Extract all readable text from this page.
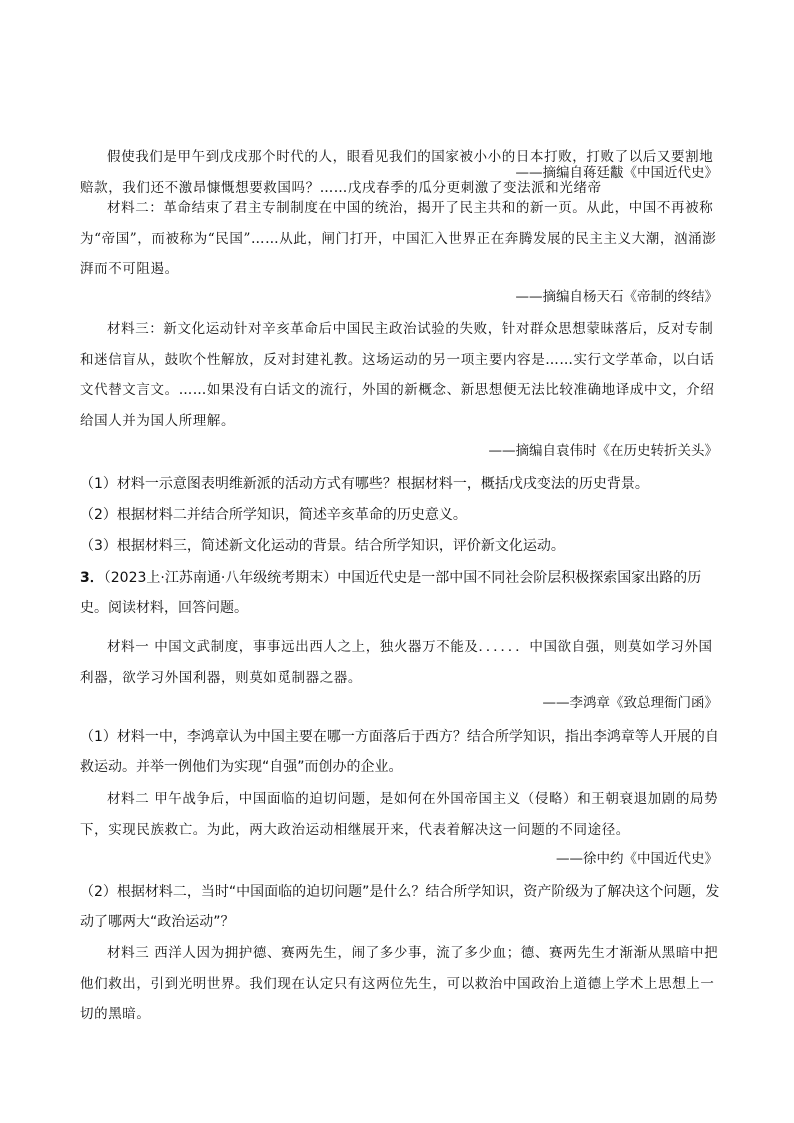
假使我们是甲午到戊戌那个时代的人，眼看见我们的国家被小小的日本打败，打败了以后又要割地赔款，我们还不激昂慷慨想要救国吗？……戊戌春季的瓜分更刺激了变法派和光绪帝
——摘编自蒋廷黻《中国近代史》
材料二：革命结束了君主专制制度在中国的统治，揭开了民主共和的新一页。从此，中国不再被称为“帝国”，而被称为“民国”……从此，闸门打开，中国汇入世界正在奔腾发展的民主主义大潮，汹涌澎湃而不可阻遏。
——摘编自杨天石《帝制的终结》
材料三：新文化运动针对辛亥革命后中国民主政治试验的失败，针对群众思想蒙昧落后，反对专制和迷信盲从，鼓吹个性解放，反对封建礼教。这场运动的另一项主要内容是……实行文学革命，以白话文代替文言文。……如果没有白话文的流行，外国的新概念、新思想便无法比较准确地译成中文，介绍给国人并为国人所理解。
——摘编自袁伟时《在历史转折关头》
（1）材料一示意图表明维新派的活动方式有哪些？根据材料一，概括戊戌变法的历史背景。
（2）根据材料二并结合所学知识，简述辛亥革命的历史意义。
（3）根据材料三，简述新文化运动的背景。结合所学知识，评价新文化运动。
3．（2023上·江苏南通·八年级统考期末）中国近代史是一部中国不同社会阶层积极探索国家出路的历史。阅读材料，回答问题。
材料一 中国文武制度，事事远出西人之上，独火器万不能及．．．．．．中国欲自强，则莫如学习外国利器，欲学习外国利器，则莫如觅制器之器。
——李鸿章《致总理衙门函》
（1）材料一中，李鸿章认为中国主要在哪一方面落后于西方？结合所学知识，指出李鸿章等人开展的自救运动。并举一例他们为实现“自强”而创办的企业。
材料二 甲午战争后，中国面临的迫切问题，是如何在外国帝国主义（侵略）和王朝衰退加剧的局势下，实现民族救亡。为此，两大政治运动相继展开来，代表着解决这一问题的不同途径。
——徐中约《中国近代史》
（2）根据材料二，当时“中国面临的迫切问题”是什么？结合所学知识，资产阶级为了解决这个问题，发动了哪两大“政治运动”？
材料三 西洋人因为拥护德、赛两先生，闹了多少事，流了多少血；德、赛两先生才渐渐从黑暗中把他们救出，引到光明世界。我们现在认定只有这两位先生，可以救治中国政治上道德上学术上思想上一切的黑暗。
